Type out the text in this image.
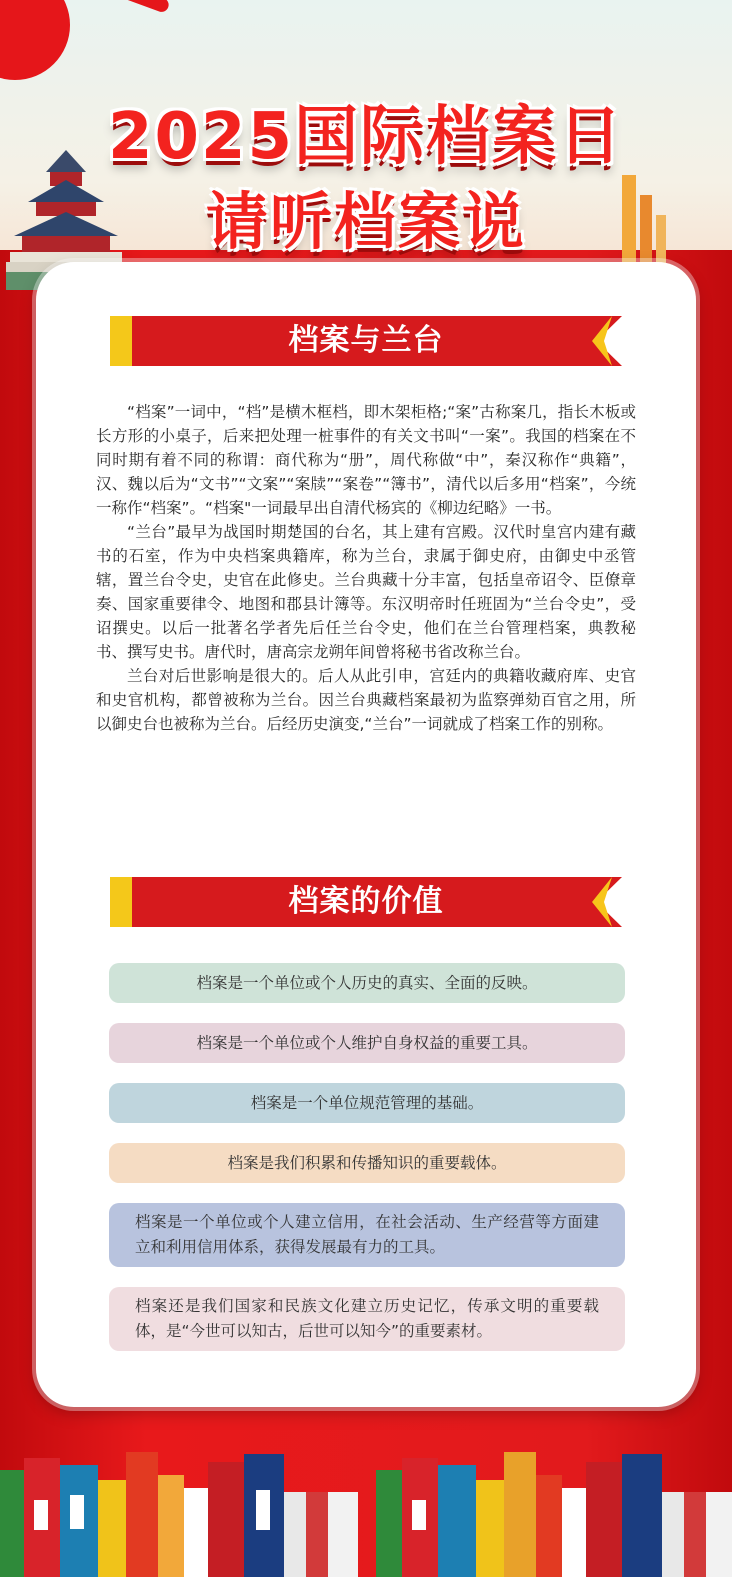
2025国际档案日
请听档案说
档案与兰台

“档案”一词中，“档”是横木框档，即木架柜格;“案”古称案几，指长木板或长方形的小桌子，后来把处理一桩事件的有关文书叫“一案”。我国的档案在不同时期有着不同的称谓：商代称为“册”，周代称做“中”，秦汉称作“典籍”，汉、魏以后为“文书”“文案”“案牍”“案卷”“簿书”，清代以后多用“档案”，今统一称作“档案”。“档案"一词最早出自清代杨宾的《柳边纪略》一书。

“兰台”最早为战国时期楚国的台名，其上建有宫殿。汉代时皇宫内建有藏书的石室，作为中央档案典籍库，称为兰台，隶属于御史府，由御史中丞管辖，置兰台令史，史官在此修史。兰台典藏十分丰富，包括皇帝诏令、臣僚章奏、国家重要律令、地图和郡县计簿等。东汉明帝时任班固为“兰台令史”，受诏撰史。以后一批著名学者先后任兰台令史，他们在兰台管理档案，典教秘书、撰写史书。唐代时，唐高宗龙朔年间曾将秘书省改称兰台。

兰台对后世影响是很大的。后人从此引申，宫廷内的典籍收藏府库、史官和史官机构，都曾被称为兰台。因兰台典藏档案最初为监察弹劾百官之用，所以御史台也被称为兰台。后经历史演变,“兰台”一词就成了档案工作的别称。

档案的价值
档案是一个单位或个人历史的真实、全面的反映。
档案是一个单位或个人维护自身权益的重要工具。
档案是一个单位规范管理的基础。
档案是我们积累和传播知识的重要载体。
档案是一个单位或个人建立信用，在社会活动、生产经营等方面建立和利用信用体系，获得发展最有力的工具。
档案还是我们国家和民族文化建立历史记忆，传承文明的重要载体，是“今世可以知古，后世可以知今”的重要素材。
